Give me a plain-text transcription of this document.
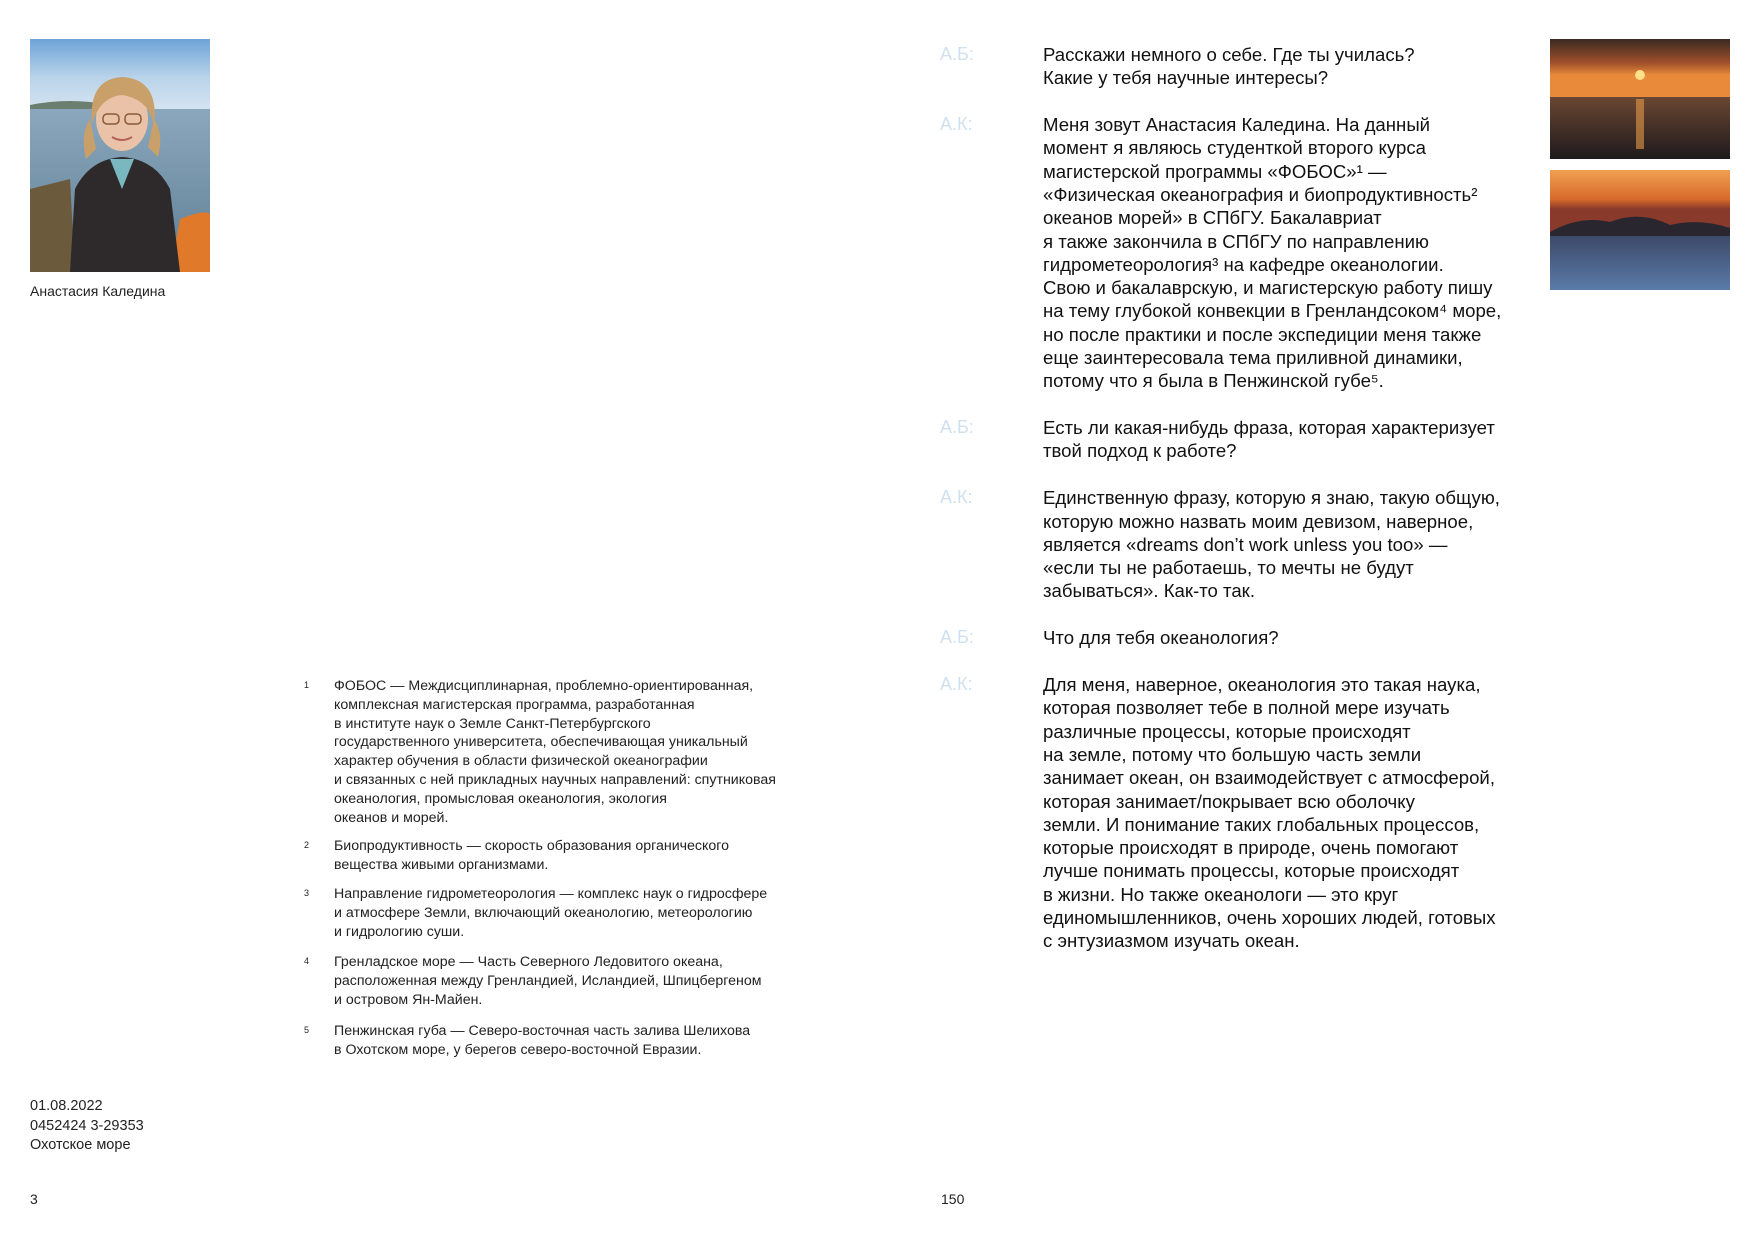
Анастасия Каледина
1 ФОБОС — Междисциплинарная, проблемно-ориентированная,
комплексная магистерская программа, разработанная
в институте наук о Земле Санкт-Петербургского
государственного университета, обеспечивающая уникальный
характер обучения в области физической океанографии
и связанных с ней прикладных научных направлений: спутниковая
океанология, промысловая океанология, экология
океанов и морей.
2 Биопродуктивность — скорость образования органического
вещества живыми организмами.
3 Направление гидрометеорология — комплекс наук о гидросфере
и атмосфере Земли, включающий океанологию, метеорологию
и гидрологию суши.
4 Гренладское море — Часть Северного Ледовитого океана,
расположенная между Гренландией, Исландией, Шпицбергеном
и островом Ян-Майен.
5 Пенжинская губа — Северо-восточная часть залива Шелихова
в Охотском море, у берегов северо-восточной Евразии.
01.08.2022
0452424 3-29353
Охотское море
3	150
А.Б:	Расскажи немного о себе. Где ты училась?
Какие у тебя научные интересы?
А.К:	Меня зовут Анастасия Каледина. На данный
момент я являюсь студенткой второго курса
магистерской программы «ФОБОС»¹ —
«Физическая океанография и биопродуктивность²
океанов морей» в СПбГУ. Бакалавриат
я также закончила в СПбГУ по направлению
гидрометеорология³ на кафедре океанологии.
Свою и бакалаврскую, и магистерскую работу пишу
на тему глубокой конвекции в Гренландсоком⁴ море,
но после практики и после экспедиции меня также
еще заинтересовала тема приливной динамики,
потому что я была в Пенжинской губе⁵.
А.Б:	Есть ли какая-нибудь фраза, которая характеризует
твой подход к работе?
А.К:	Единственную фразу, которую я знаю, такую общую,
которую можно назвать моим девизом, наверное,
является «dreams don’t work unless you too» —
«если ты не работаешь, то мечты не будут
забываться». Как-то так.
А.Б:	Что для тебя океанология?
А.К:	Для меня, наверное, океанология это такая наука,
которая позволяет тебе в полной мере изучать
различные процессы, которые происходят
на земле, потому что большую часть земли
занимает океан, он взаимодействует с атмосферой,
которая занимает/покрывает всю оболочку
земли. И понимание таких глобальных процессов,
которые происходят в природе, очень помогают
лучше понимать процессы, которые происходят
в жизни. Но также океанологи — это круг
единомышленников, очень хороших людей, готовых
с энтузиазмом изучать океан.
